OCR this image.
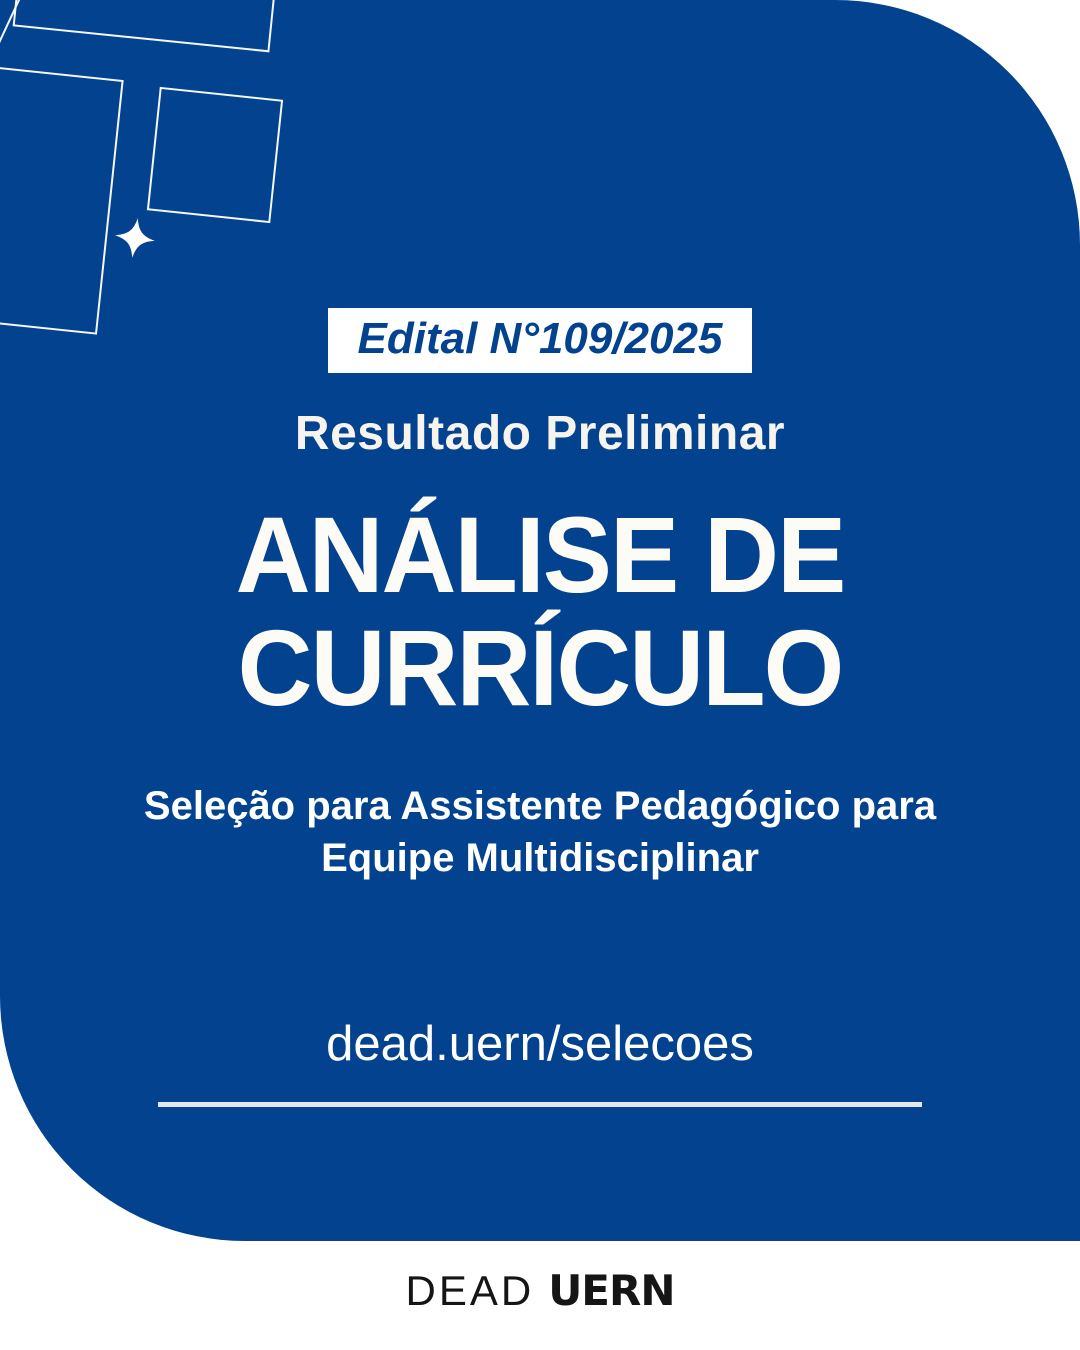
Edital N°109/2025
Resultado Preliminar
ANÁLISE DE
CURRÍCULO
Seleção para Assistente Pedagógico para
Equipe Multidisciplinar
dead.uern/selecoes
DEAD UERN
